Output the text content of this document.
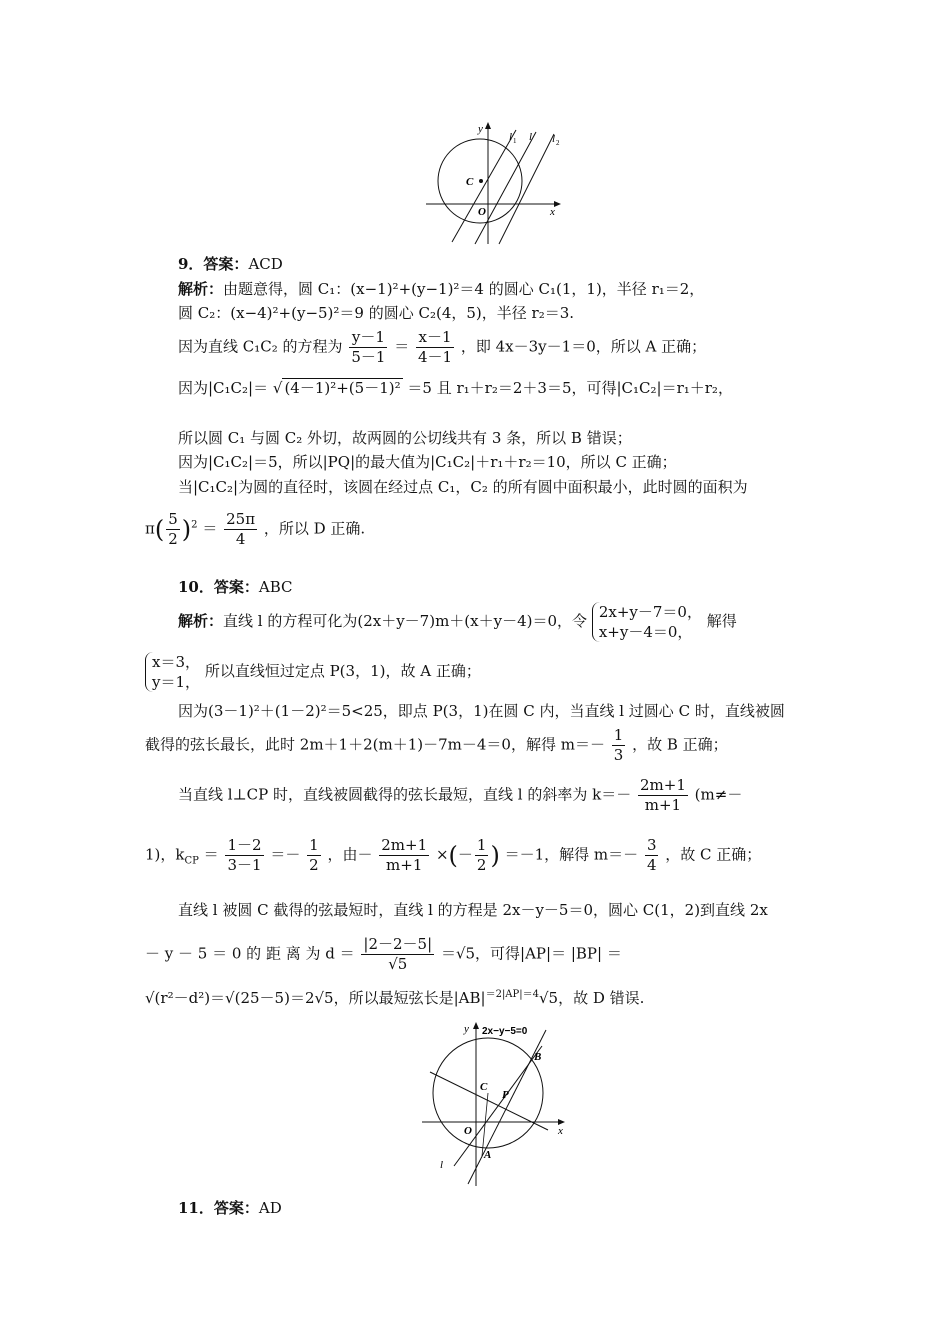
y
x
O
C
l 1 l l 2
9．答案：ACD
解析：由题意得，圆 C₁：(x−1)²+(y−1)²＝4 的圆心 C₁(1，1)，半径 r₁＝2，
圆 C₂：(x−4)²+(y−5)²＝9 的圆心 C₂(4，5)，半径 r₂＝3.
因为直线 C₁C₂ 的方程为 $\frac{y-1}{5-1} = \frac{x-1}{4-1}$ ，即 4x－3y－1＝0，所以 A 正确；
因为|C₁C₂|＝ √ (4－1)²+(5－1)² ＝5 且 r₁＋r₂＝2＋3＝5，可得|C₁C₂|＝r₁＋r₂，
所以圆 C₁ 与圆 C₂ 外切，故两圆的公切线共有 3 条，所以 B 错误；
因为|C₁C₂|＝5，所以|PQ|的最大值为|C₁C₂|＋r₁＋r₂＝10，所以 C 正确；
当|C₁C₂|为圆的直径时，该圆在经过点 C₁，C₂ 的所有圆中面积最小，此时圆的面积为
$\pi( \frac{5}{2} )^2 = \frac{25\pi}{4}$ ，所以 D 正确.
10．答案：ABC
解析：直线 l 的方程可化为(2x＋y－7)m＋(x＋y－4)＝0，令 2x+y－7＝0，
x+y－4＝0，
解得
x＝3，
y＝1，
所以直线恒过定点 P(3，1)，故 A 正确；
因为(3－1)²＋(1－2)²＝5<25，即点 P(3，1)在圆 C 内，当直线 l 过圆心 C 时，直线被圆
截得的弦长最长，此时 2m＋1＋2(m＋1)－7m－4＝0，解得 $m=- \frac{1}{3}$ ，故 B 正确；
当直线 l⊥CP 时，直线被圆截得的弦长最短，直线 l 的斜率为 $k=- \frac{2m+1}{m+1} (m\ne-$
1)，$k_{CP} = \frac{1-2}{3-1} =- \frac{1}{2}$ ，由－ $\frac{2m+1}{m+1}$ ×(－ $\frac{1}{2}$ ) ＝－1，解得 $m=- \frac{3}{4}$ ，故 C 正确；
直线 l 被圆 C 截得的弦最短时，直线 l 的方程是 2x－y－5＝0，圆心 C(1，2)到直线 2x
－ y － 5 ＝ 0 的 距 离 为 $d = \frac{|2-2-5|}{√5} =√5$，可得|AP|＝ |BP| ＝
√(r²－d²)＝√(25－5)＝2√5，所以最短弦长是$|AB|^{=2|AP|=4}√5$，故 D 错误.
y 2x−y−5=0
x
O
C
P
B
A
l
11．答案：AD
